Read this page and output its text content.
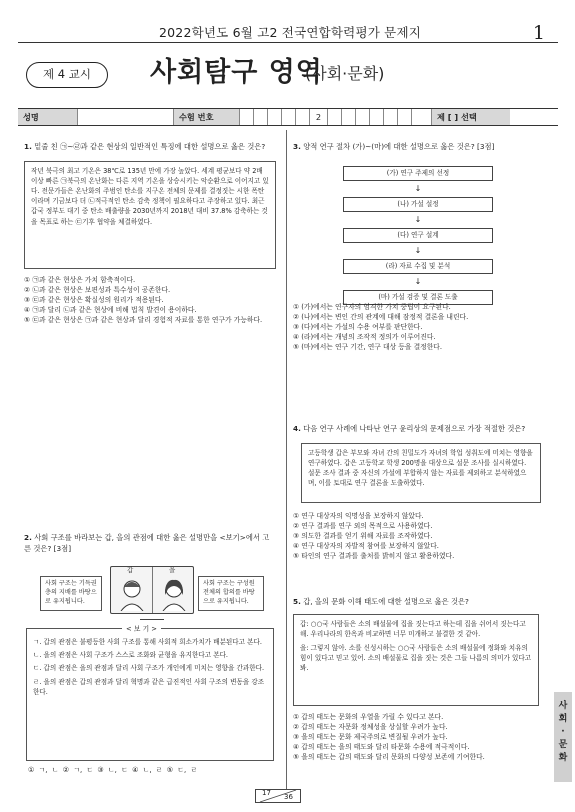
2022학년도 6월 고2 전국연합학력평가 문제지	1
제 4 교시	사회탐구 영역
(사회·문화)
성명	수험 번호	2	제 [ ] 선택
1. 밑줄 친 ㉠~㉣과 같은 현상의 일반적인 특징에 대한 설명으로 옳은 것은?
작년 북극의 최고 기온은 38℃로 135년 만에 가장 높았다. 세계 평균보다 약 2배 이상 빠른 ㉠북극의 온난화는 다른 지역 기온을 상승시키는 악순환으로 이어지고 있다. 전문가들은 온난화의 주범인 탄소를 지구온 전체의 문제를 결정짓는 시한 폭탄이라며 기금보다 더 ㉡적극적인 탄소 감축 정책이 필요하다고 주장하고 있다. 최근 갑국 정부도 대기 중 탄소 배출량을 2030년까지 2018년 대비 37.8% 감축하는 것을 목표로 하는 ㉢기후 협약을 체결하였다.
① ㉠과 같은 현상은 가치 함축적이다.
② ㉡과 같은 현상은 보편성과 특수성이 공존한다.
③ ㉢과 같은 현상은 확실성의 원리가 적용된다.
④ ㉠과 달리 ㉡과 같은 현상에 비해 법칙 발견이 용이하다.
⑤ ㉢과 같은 현상은 ㉠과 같은 현상과 달리 경험적 자료를 통한 연구가 가능하다.
2. 사회 구조를 바라보는 갑, 을의 관점에 대한 옳은 설명만을 <보기>에서 고른 것은? [3점]
사회 구조는 기득권층의 지배를 바탕으로 유지됩니다.
갑	을
사회 구조는 구성원 전체의 합의를 바탕으로 유지됩니다.
< 보 기 >
ㄱ. 갑의 관점은 불평등한 사회 구조를 통해 사회적 희소가치가 배분된다고 본다.
ㄴ. 을의 관점은 사회 구조가 스스로 조화와 균형을 유지한다고 본다.
ㄷ. 갑의 관점은 을의 관점과 달리 사회 구조가 개인에게 미치는 영향을 간과한다.
ㄹ. 을의 관점은 갑의 관점과 달리 혁명과 같은 급진적인 사회 구조의 변동을 강조한다.
① ㄱ, ㄴ ② ㄱ, ㄷ ③ ㄴ, ㄷ ④ ㄴ, ㄹ ⑤ ㄷ, ㄹ
3. 양적 연구 절차 (가)~(마)에 대한 설명으로 옳은 것은? [3점]
(가) 연구 주제의 선정
↓
(나) 가설 설정
↓
(다) 연구 설계
↓
(라) 자료 수집 및 분석
↓
(마) 가설 검증 및 결론 도출
① (가)에서는 연구자의 엄격한 가치 중립이 요구된다.
② (나)에서는 변인 간의 관계에 대해 잠정적 결론을 내린다.
③ (다)에서는 가설의 수용 여부를 판단한다.
④ (라)에서는 개념의 조작적 정의가 이루어진다.
⑤ (마)에서는 연구 기간, 연구 대상 등을 결정한다.
4. 다음 연구 사례에 나타난 연구 윤리상의 문제점으로 가장 적절한 것은?
고등학생 갑은 부모와 자녀 간의 친밀도가 자녀의 학업 성취도에 미치는 영향을 연구하였다. 갑은 고등학교 학생 200명을 대상으로 설문 조사를 실시하였다. 설문 조사 결과 중 자신의 가설에 부합하지 않는 자료를 제외하고 분석하였으며, 이를 토대로 연구 결론을 도출하였다.
① 연구 대상자의 익명성을 보장하지 않았다.
② 연구 결과를 연구 외의 목적으로 사용하였다.
③ 의도한 결과를 얻기 위해 자료를 조작하였다.
④ 연구 대상자의 자발적 참여를 보장하지 않았다.
⑤ 타인의 연구 결과를 출처를 밝히지 않고 활용하였다.
5. 갑, 을의 문화 이해 태도에 대한 설명으로 옳은 것은?
갑: ○○국 사람들은 소의 배설물에 집을 짓는다고 하는데 집을 쉬어서 짓는다고 해. 우리나라의 한옥과 비교하면 너무 미개하고 불결한 것 같아.
을: 그렇지 않아. 소를 신성시하는 ○○국 사람들은 소의 배설물에 정화와 치유의 힘이 있다고 믿고 있어. 소의 배설물로 집을 짓는 것은 그들 나름의 의미가 있다고 봐.
① 갑의 태도는 문화의 우열을 가릴 수 있다고 본다.
② 갑의 태도는 자문화 정체성을 상실할 우려가 높다.
③ 을의 태도는 문화 제국주의로 변질될 우려가 높다.
④ 갑의 태도는 을의 태도와 달리 타문화 수용에 적극적이다.
⑤ 을의 태도는 갑의 태도와 달리 문화의 다양성 보존에 기여한다.
사
회
·
문
화
17 36
